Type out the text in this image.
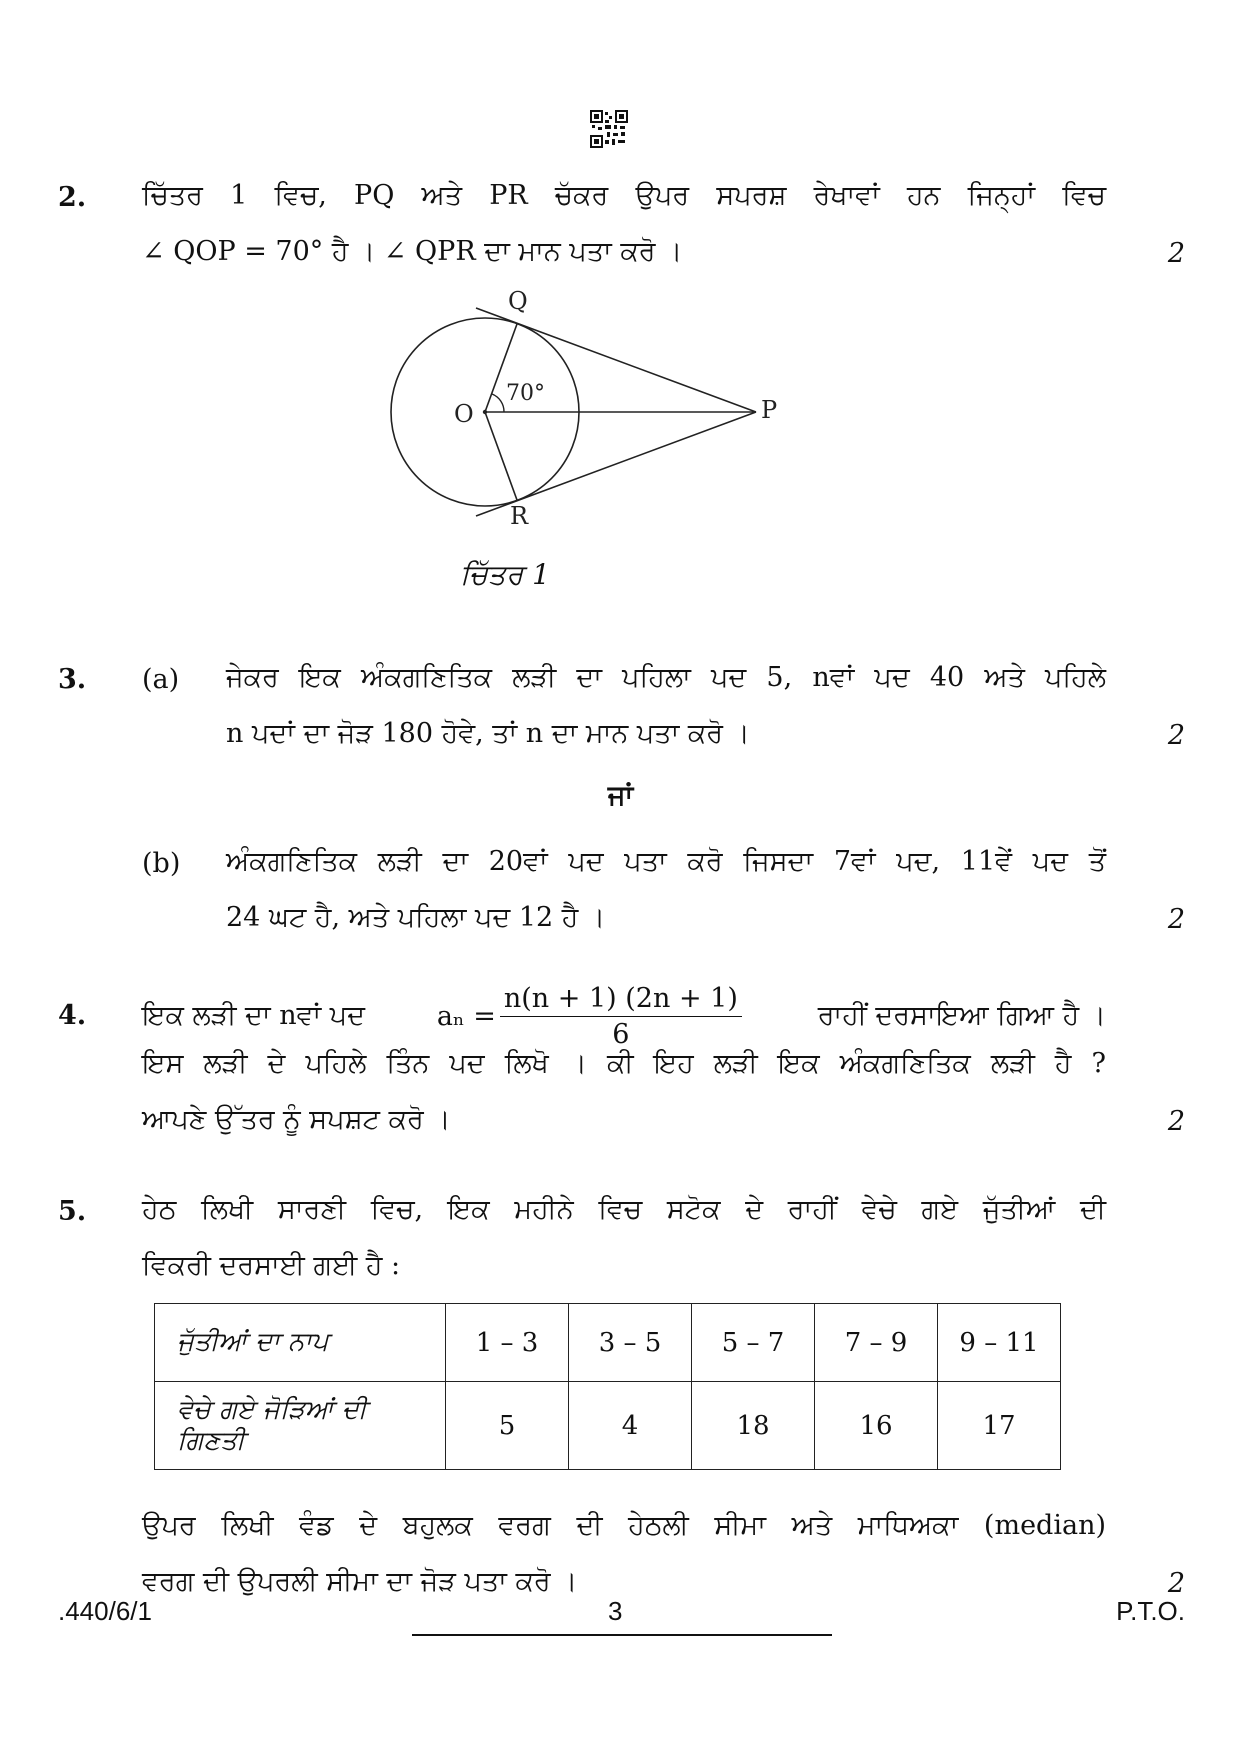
2. ਚਿੱਤਰ 1 ਵਿਚ, PQ ਅਤੇ PR ਚੱਕਰ ਉਪਰ ਸਪਰਸ਼ ਰੇਖਾਵਾਂ ਹਨ ਜਿਨ੍ਹਾਂ ਵਿਚ
∠ QOP = 70° ਹੈ । ∠ QPR ਦਾ ਮਾਨ ਪਤਾ ਕਰੋ ।	2
Q
O	P
R
70°
ਚਿੱਤਰ 1
3. (a) ਜੇਕਰ ਇਕ ਅੰਕਗਣਿਤਿਕ ਲੜੀ ਦਾ ਪਹਿਲਾ ਪਦ 5, nਵਾਂ ਪਦ 40 ਅਤੇ ਪਹਿਲੇ
n ਪਦਾਂ ਦਾ ਜੋੜ 180 ਹੋਵੇ, ਤਾਂ n ਦਾ ਮਾਨ ਪਤਾ ਕਰੋ ।	2
ਜਾਂ
(b) ਅੰਕਗਣਿਤਿਕ ਲੜੀ ਦਾ 20ਵਾਂ ਪਦ ਪਤਾ ਕਰੋ ਜਿਸਦਾ 7ਵਾਂ ਪਦ, 11ਵੇਂ ਪਦ ਤੋਂ
24 ਘਟ ਹੈ, ਅਤੇ ਪਹਿਲਾ ਪਦ 12 ਹੈ ।	2
4. ਇਕ ਲੜੀ ਦਾ nਵਾਂ ਪਦ	$a_n = \frac{n(n + 1) (2n + 1)}{6}$	ਰਾਹੀਂ ਦਰਸਾਇਆ ਗਿਆ ਹੈ ।
ਇਸ ਲੜੀ ਦੇ ਪਹਿਲੇ ਤਿੰਨ ਪਦ ਲਿਖੋ । ਕੀ ਇਹ ਲੜੀ ਇਕ ਅੰਕਗਣਿਤਿਕ ਲੜੀ ਹੈ ?
ਆਪਣੇ ਉੱਤਰ ਨੂੰ ਸਪਸ਼ਟ ਕਰੋ ।	2
5. ਹੇਠ ਲਿਖੀ ਸਾਰਣੀ ਵਿਚ, ਇਕ ਮਹੀਨੇ ਵਿਚ ਸਟੋਕ ਦੇ ਰਾਹੀਂ ਵੇਚੇ ਗਏ ਜੁੱਤੀਆਂ ਦੀ
ਵਿਕਰੀ ਦਰਸਾਈ ਗਈ ਹੈ :
ਜੁੱਤੀਆਂ ਦਾ ਨਾਪ	1 – 3	3 – 5	5 – 7	7 – 9	9 – 11

ਵੇਚੇ ਗਏ ਜੋੜਿਆਂ ਦੀ
ਗਿਣਤੀ	5	4	18	16	17
ਉਪਰ ਲਿਖੀ ਵੰਡ ਦੇ ਬਹੁਲਕ ਵਰਗ ਦੀ ਹੇਠਲੀ ਸੀਮਾ ਅਤੇ ਮਾਧਿਅਕਾ (median)
ਵਰਗ ਦੀ ਉਪਰਲੀ ਸੀਮਾ ਦਾ ਜੋੜ ਪਤਾ ਕਰੋ ।	2
.440/6/1	3	P.T.O.
